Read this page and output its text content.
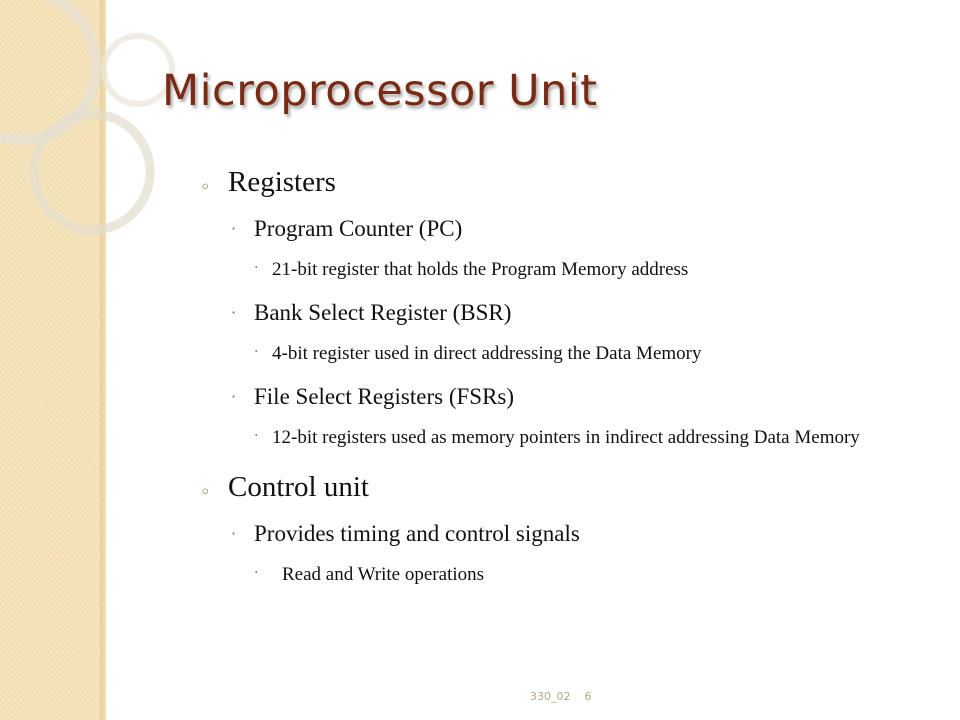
Microprocessor Unit
◦ Registers
· Program Counter (PC)
· 21-bit register that holds the Program Memory address
· Bank Select Register (BSR)
· 4-bit register used in direct addressing the Data Memory
· File Select Registers (FSRs)
· 12-bit registers used as memory pointers in indirect addressing Data Memory
◦ Control unit
· Provides timing and control signals
· Read and Write operations
330_02 6
